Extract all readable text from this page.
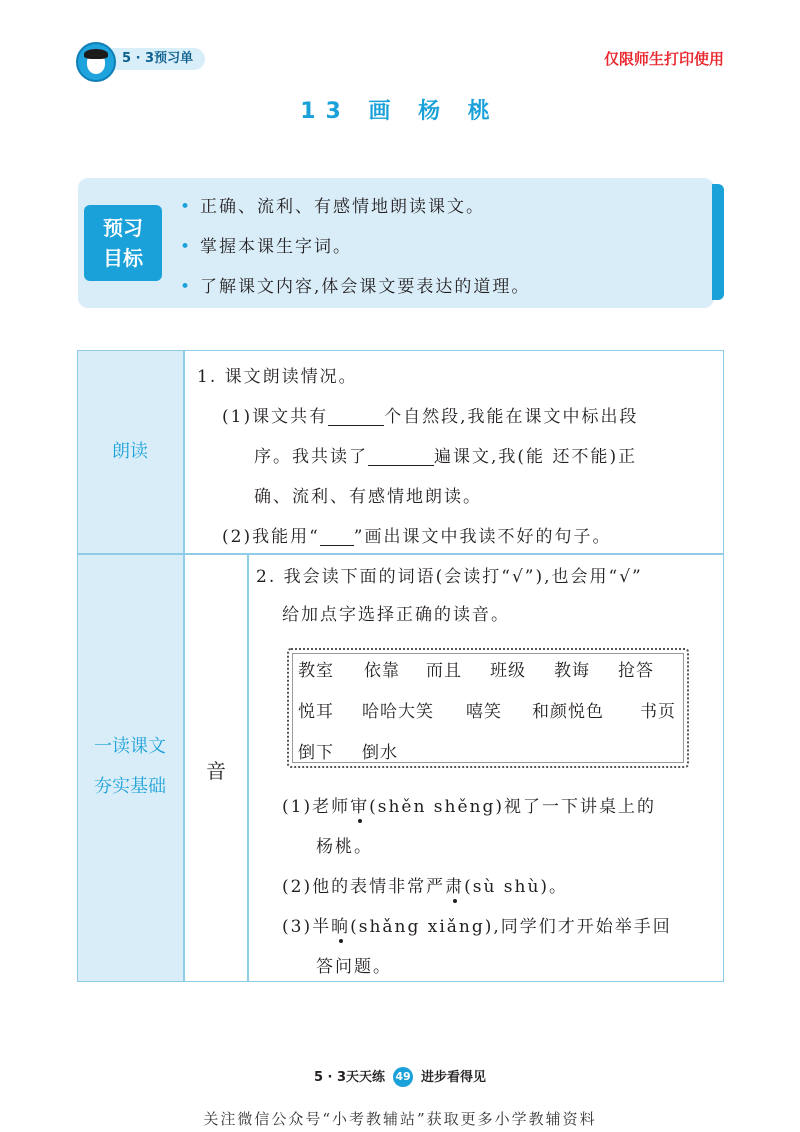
5 · 3预习单	仅限师生打印使用
13 画 杨 桃
预习
目标
• 正确、流利、有感情地朗读课文。
• 掌握本课生字词。
• 了解课文内容,体会课文要表达的道理。
朗读
1. 课文朗读情况。
(1)课文共有	个自然段,我能在课文中标出段
序。我共读了	遍课文,我(能 还不能)正
确、流利、有感情地朗读。
(2)我能用“ ”画出课文中我读不好的句子。
一读课文
夯实基础
音
2. 我会读下面的词语(会读打“√”),也会用“√”
给加点字选择正确的读音。
教室 依靠 而且 班级 教诲 抢答
悦耳 哈哈大笑 嘻笑 和颜悦色 书页
倒下 倒水
(1)老师审(shěn shěng)视了一下讲桌上的
杨桃。
(2)他的表情非常严肃(sù shù)。
(3)半晌(shǎng xiǎng),同学们才开始举手回
答问题。
5 · 3天天练 49 进步看得见
关注微信公众号“小考教辅站”获取更多小学教辅资料
